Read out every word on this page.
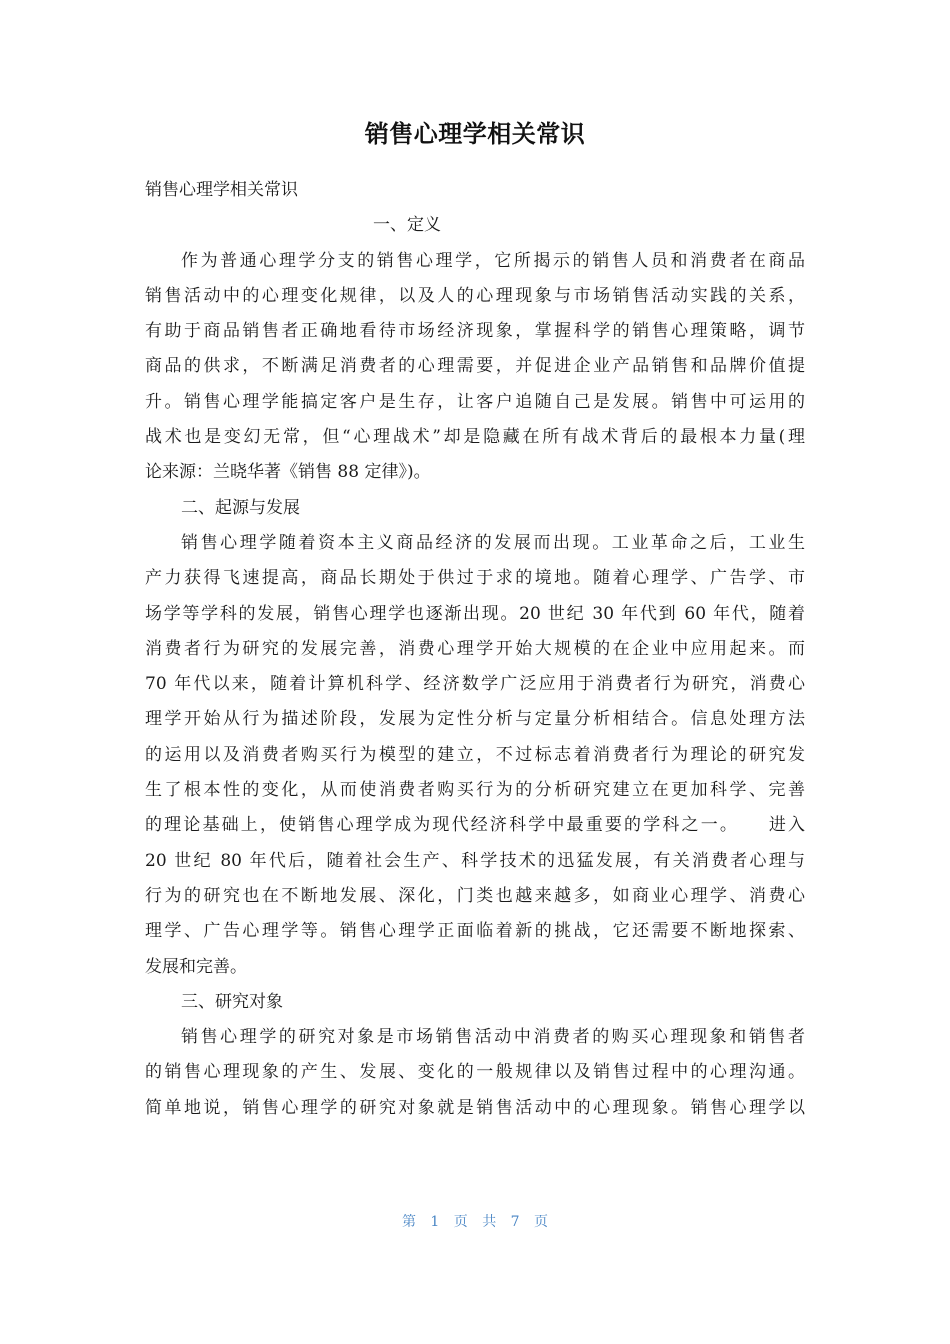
销售心理学相关常识
销售心理学相关常识
一、定义
作为普通心理学分支的销售心理学，它所揭示的销售人员和消费者在商品
销售活动中的心理变化规律，以及人的心理现象与市场销售活动实践的关系，
有助于商品销售者正确地看待市场经济现象，掌握科学的销售心理策略，调节
商品的供求，不断满足消费者的心理需要，并促进企业产品销售和品牌价值提
升。销售心理学能搞定客户是生存，让客户追随自己是发展。销售中可运用的
战术也是变幻无常，但“心理战术”却是隐藏在所有战术背后的最根本力量(理
论来源：兰晓华著《销售 88 定律》)。
二、起源与发展
销售心理学随着资本主义商品经济的发展而出现。工业革命之后，工业生
产力获得飞速提高，商品长期处于供过于求的境地。随着心理学、广告学、市
场学等学科的发展，销售心理学也逐渐出现。20 世纪 30 年代到 60 年代，随着
消费者行为研究的发展完善，消费心理学开始大规模的在企业中应用起来。而
70 年代以来，随着计算机科学、经济数学广泛应用于消费者行为研究，消费心
理学开始从行为描述阶段，发展为定性分析与定量分析相结合。信息处理方法
的运用以及消费者购买行为模型的建立，不过标志着消费者行为理论的研究发
生了根本性的变化，从而使消费者购买行为的分析研究建立在更加科学、完善
的理论基础上，使销售心理学成为现代经济科学中最重要的学科之一。　　进入
20 世纪 80 年代后，随着社会生产、科学技术的迅猛发展，有关消费者心理与
行为的研究也在不断地发展、深化，门类也越来越多，如商业心理学、消费心
理学、广告心理学等。销售心理学正面临着新的挑战，它还需要不断地探索、
发展和完善。
三、研究对象
销售心理学的研究对象是市场销售活动中消费者的购买心理现象和销售者
的销售心理现象的产生、发展、变化的一般规律以及销售过程中的心理沟通。
简单地说，销售心理学的研究对象就是销售活动中的心理现象。销售心理学以
第 1 页 共 7 页
